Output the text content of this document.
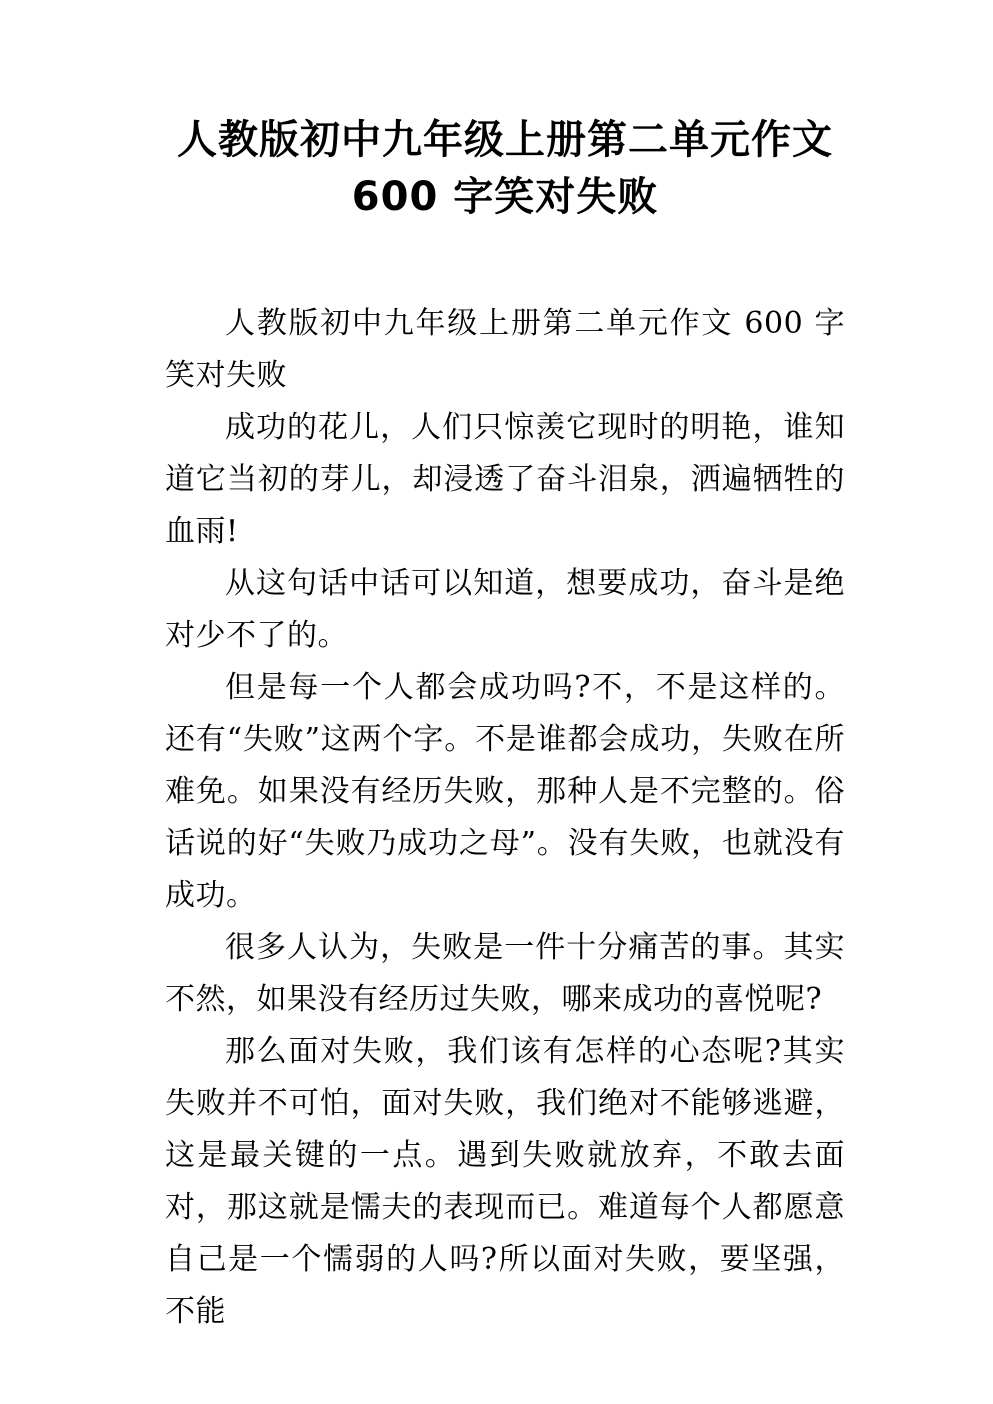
人教版初中九年级上册第二单元作文
600 字笑对失败

人教版初中九年级上册第二单元作文 600 字笑对失败

成功的花儿，人们只惊羡它现时的明艳，谁知道它当初的芽儿，却浸透了奋斗泪泉，洒遍牺牲的血雨!

从这句话中话可以知道，想要成功，奋斗是绝对少不了的。

但是每一个人都会成功吗?不，不是这样的。还有“失败”这两个字。不是谁都会成功，失败在所难免。如果没有经历失败，那种人是不完整的。俗话说的好“失败乃成功之母”。没有失败，也就没有成功。

很多人认为，失败是一件十分痛苦的事。其实不然，如果没有经历过失败，哪来成功的喜悦呢?

那么面对失败，我们该有怎样的心态呢?其实失败并不可怕，面对失败，我们绝对不能够逃避，这是最关键的一点。遇到失败就放弃，不敢去面对，那这就是懦夫的表现而已。难道每个人都愿意自己是一个懦弱的人吗?所以面对失败，要坚强，不能
